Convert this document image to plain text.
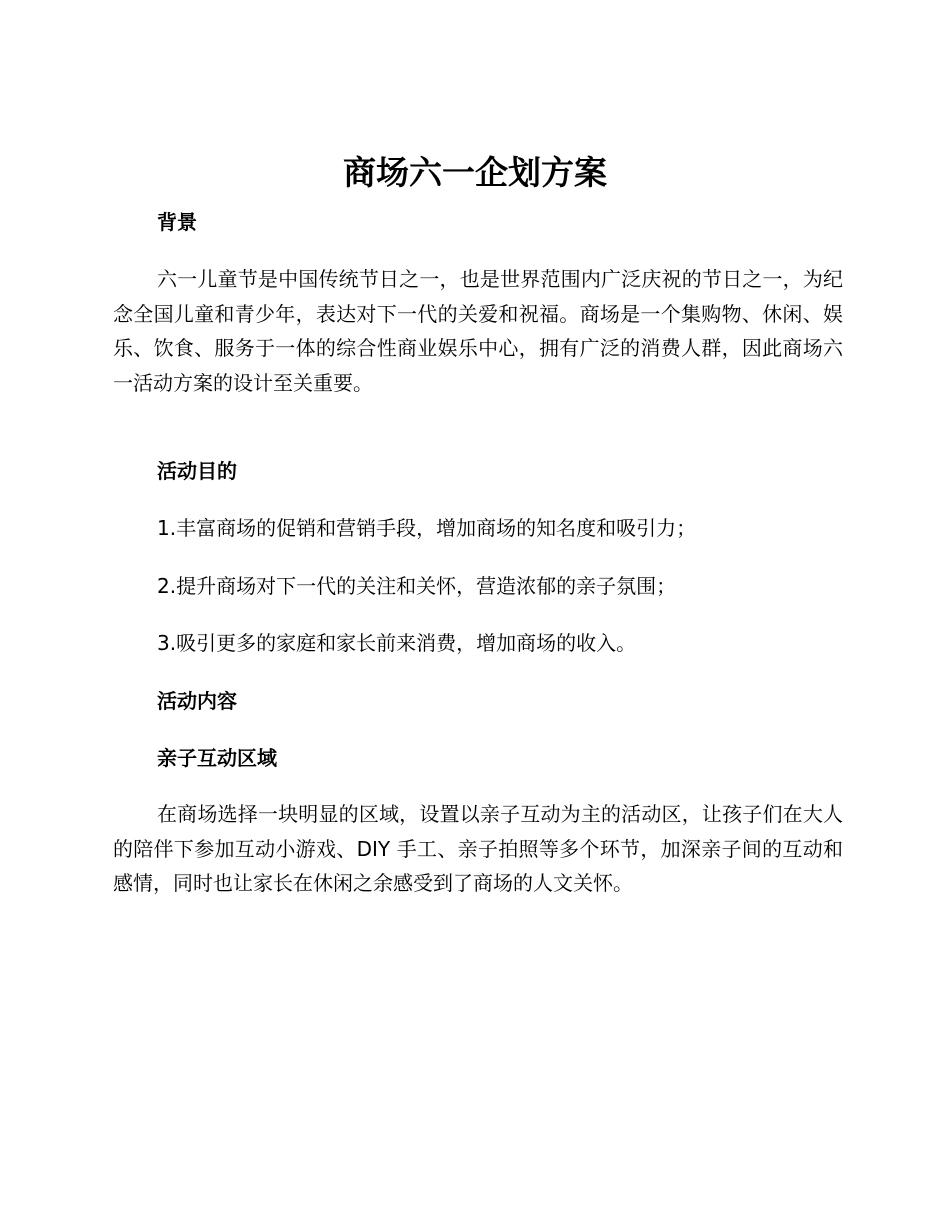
商场六一企划方案
背景

六一儿童节是中国传统节日之一，也是世界范围内广泛庆祝的节日之一，为纪念全国儿童和青少年，表达对下一代的关爱和祝福。商场是一个集购物、休闲、娱乐、饮食、服务于一体的综合性商业娱乐中心，拥有广泛的消费人群，因此商场六一活动方案的设计至关重要。

活动目的

1.丰富商场的促销和营销手段，增加商场的知名度和吸引力；

2.提升商场对下一代的关注和关怀，营造浓郁的亲子氛围；

3.吸引更多的家庭和家长前来消费，增加商场的收入。

活动内容
亲子互动区域

在商场选择一块明显的区域，设置以亲子互动为主的活动区，让孩子们在大人的陪伴下参加互动小游戏、DIY 手工、亲子拍照等多个环节，加深亲子间的互动和感情，同时也让家长在休闲之余感受到了商场的人文关怀。
